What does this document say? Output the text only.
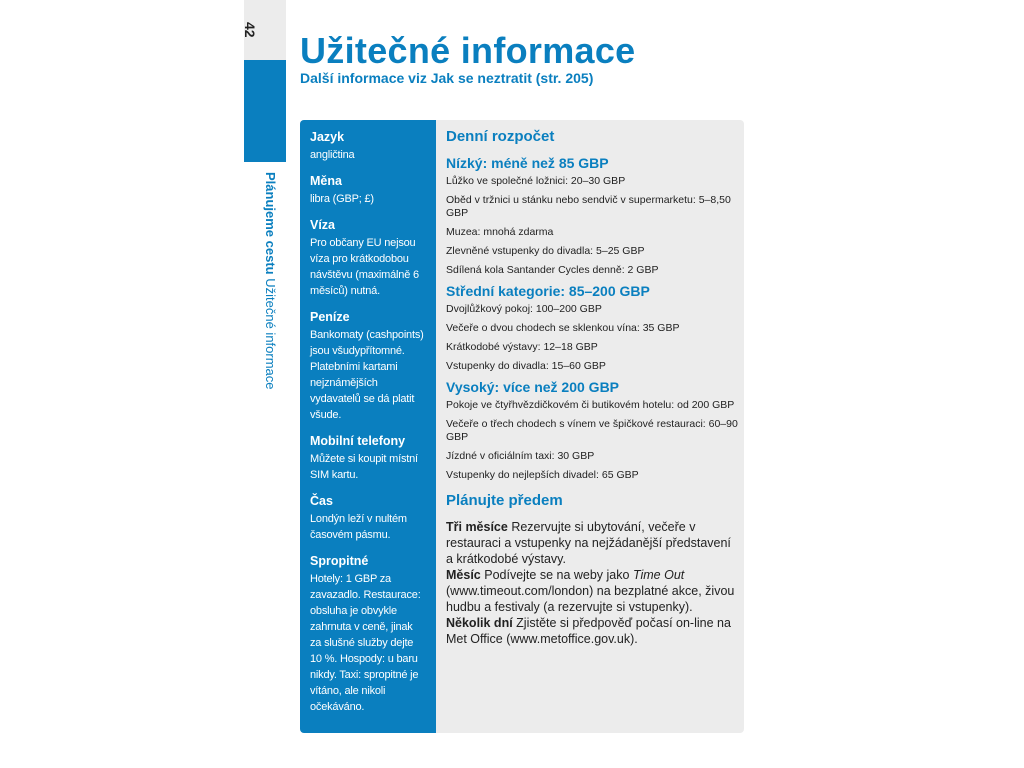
42
Plánujeme cestu Užitečné informace
Užitečné informace
Další informace viz Jak se neztratit (str. 205)
Jazyk
angličtina
Měna
libra (GBP; £)
Víza
Pro občany EU nejsou víza pro krátkodobou návštěvu (maximálně 6 měsíců) nutná.
Peníze
Bankomaty (cashpoints) jsou všudypřítomné. Platebními kartami nejznámějších vydavatelů se dá platit všude.
Mobilní telefony
Můžete si koupit místní SIM kartu.
Čas
Londýn leží v nultém časovém pásmu.
Spropitné
Hotely: 1 GBP za zavazadlo. Restaurace: obsluha je obvykle zahrnuta v ceně, jinak za slušné služby dejte 10 %. Hospody: u baru nikdy. Taxi: spropitné je vítáno, ale nikoli očekáváno.
Denní rozpočet
Nízký: méně než 85 GBP
Lůžko ve společné ložnici: 20–30 GBP
Oběd v tržnici u stánku nebo sendvič v supermarketu: 5–8,50 GBP
Muzea: mnohá zdarma
Zlevněné vstupenky do divadla: 5–25 GBP
Sdílená kola Santander Cycles denně: 2 GBP
Střední kategorie: 85–200 GBP
Dvojlůžkový pokoj: 100–200 GBP
Večeře o dvou chodech se sklenkou vína: 35 GBP
Krátkodobé výstavy: 12–18 GBP
Vstupenky do divadla: 15–60 GBP
Vysoký: více než 200 GBP
Pokoje ve čtyřhvězdičkovém či butikovém hotelu: od 200 GBP
Večeře o třech chodech s vínem ve špičkové restauraci: 60–90 GBP
Jízdné v oficiálním taxi: 30 GBP
Vstupenky do nejlepších divadel: 65 GBP
Plánujte předem
Tři měsíce Rezervujte si ubytování, večeře v restauraci a vstupenky na nejžádanější představení a krátkodobé výstavy.
Měsíc Podívejte se na weby jako Time Out (www.timeout.com/london) na bezplatné akce, živou hudbu a festivaly (a rezervujte si vstupenky).
Několik dní Zjistěte si předpověď počasí on-line na Met Office (www.metoffice.gov.uk).
